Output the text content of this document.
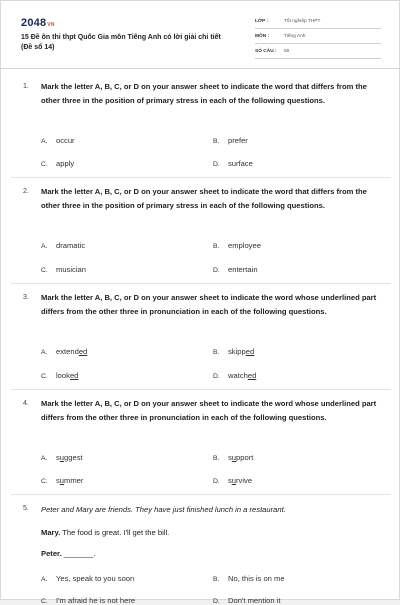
2048VN
15 Đề ôn thi thpt Quốc Gia môn Tiếng Anh có lời giải chi tiết (Đề số 14)
LỚP :	Tốt nghiệp THPT
MÔN :	Tiếng Anh
SỐ CÂU : 50
1. Mark the letter A, B, C, or D on your answer sheet to indicate the word that differs from the other three in the position of primary stress in each of the following questions.
A. occur	B. prefer
C. apply	D. surface
2. Mark the letter A, B, C, or D on your answer sheet to indicate the word that differs from the other three in the position of primary stress in each of the following questions.
A. dramatic	B. employee
C. musician	D. entertain
3. Mark the letter A, B, C, or D on your answer sheet to indicate the word whose underlined part differs from the other three in pronunciation in each of the following questions.
A. extended	B. skipped
C. looked	D. watched
4. Mark the letter A, B, C, or D on your answer sheet to indicate the word whose underlined part differs from the other three in pronunciation in each of the following questions.
A. suggest	B. support
C. summer	D. survive
5. Peter and Mary are friends. They have just finished lunch in a restaurant.
Mary. The food is great. I'll get the bill.
Peter. _______.
A. Yes, speak to you soon	B. No, this is on me
C. I'm afraid he is not here	D. Don't mention it
